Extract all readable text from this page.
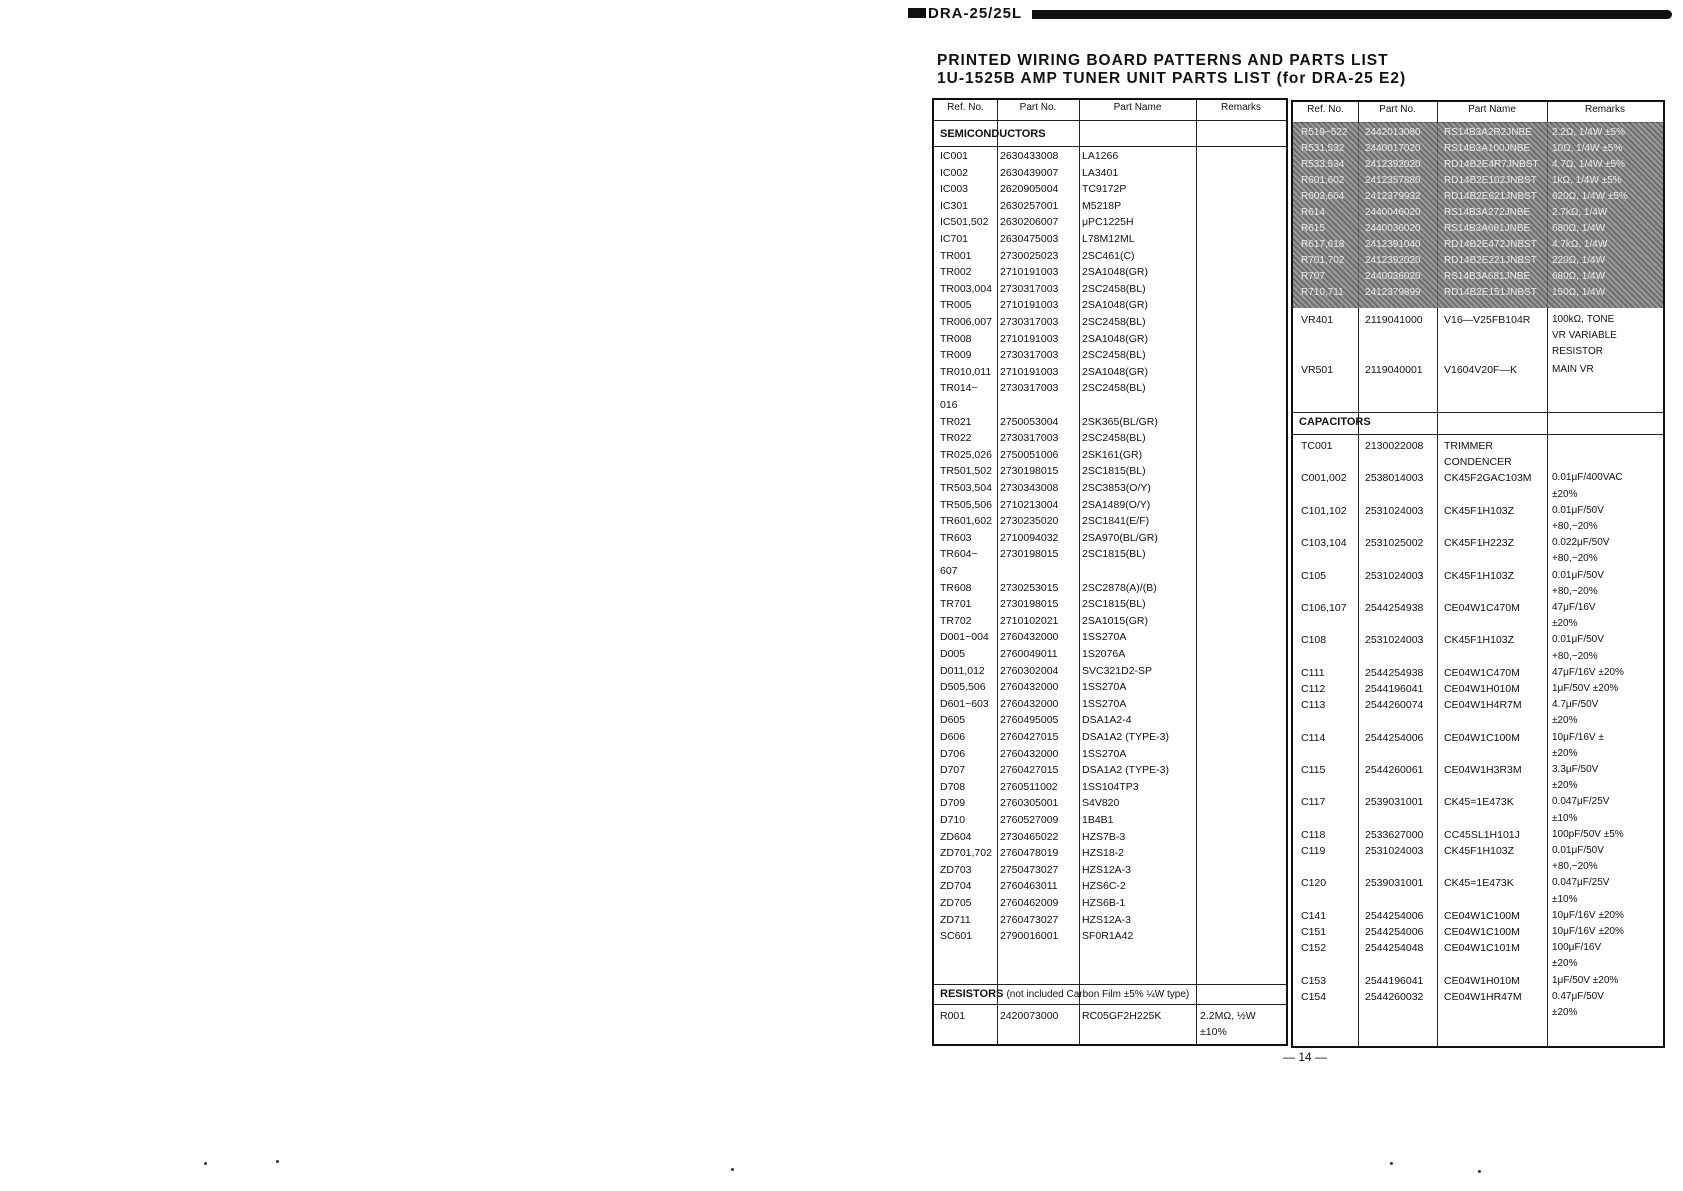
DRA-25/25L
PRINTED WIRING BOARD PATTERNS AND PARTS LIST
1U-1525B AMP TUNER UNIT PARTS LIST (for DRA-25 E2)
Ref. No.	Part No.	Part Name	Remarks
SEMICONDUCTORS
IC001	2630433008 LA1266
IC002	2630439007 LA3401
IC003	2620905004 TC9172P
IC301	2630257001 M5218P
IC501,502 2630206007 μPC1225H
IC701	2630475003 L78M12ML
TR001	2730025023 2SC461(C)
TR002	2710191003 2SA1048(GR)
TR003,004 2730317003 2SC2458(BL)
TR005	2710191003 2SA1048(GR)
TR006,007 2730317003 2SC2458(BL)
TR008	2710191003 2SA1048(GR)
TR009	2730317003 2SC2458(BL)
TR010,011 2710191003 2SA1048(GR)
TR014~ 2730317003 2SC2458(BL)
016
TR021	2750053004 2SK365(BL/GR)
TR022	2730317003 2SC2458(BL)
TR025,026 2750051006 2SK161(GR)
TR501,502 2730198015 2SC1815(BL)
TR503,504 2730343008 2SC3853(O/Y)
TR505,506 2710213004 2SA1489(O/Y)
TR601,602 2730235020 2SC1841(E/F)
TR603	2710094032 2SA970(BL/GR)
TR604~ 2730198015 2SC1815(BL)
607
TR608	2730253015 2SC2878(A)/(B)
TR701	2730198015 2SC1815(BL)
TR702	2710102021 2SA1015(GR)
D001~004 2760432000 1SS270A
D005	2760049011 1S2076A
D011,012 2760302004 SVC321D2-SP
D505,506 2760432000 1SS270A
D601~603 2760432000 1SS270A
D605	2760495005 DSA1A2-4
D606	2760427015 DSA1A2 (TYPE-3)
D706	2760432000 1SS270A
D707	2760427015 DSA1A2 (TYPE-3)
D708	2760511002 1SS104TP3
D709	2760305001 S4V820
D710	2760527009 1B4B1
ZD604	2730465022 HZS7B-3
ZD701,702 2760478019 HZS18-2
ZD703	2750473027 HZS12A-3
ZD704	2760463011 HZS6C-2
ZD705	2760462009 HZS6B-1
ZD711	2760473027 HZS12A-3
SC601	2790016001 SF0R1A42
RESISTORS (not included Carbon Film ±5% ¼W type)
R001	2420073000 RC05GF2H225K	2.2MΩ, ½W
±10%
Ref. No.	Part No.	Part Name	Remarks
R519~522 2442013080 RS14B3A2R2JNBE 2.2Ω, 1/4W ±5%
R531,532 2440017020 RS14B3A100JNBE 10Ω, 1/4W ±5%
R533,534 2412392020 RD14B2E4R7JNBST 4.7Ω, 1/4W ±5%
R601,602 2412357880 RD14B2E102JNBST 1kΩ, 1/4W ±5%
R603,604 2412379932 RD14B2E621JNBST 620Ω, 1/4W ±5%
R614	2440046020 RS14B3A272JNBE 2.7kΩ, 1/4W
R615	2440036020 RS14B3A681JNBE 680Ω, 1/4W
R617,618 2412391040 RD14B2E472JNBST 4.7kΩ, 1/4W
R701,702 2412392020 RD14B2E221JNBST 220Ω, 1/4W
R707	2440036020 RS14B3A681JNBE 680Ω, 1/4W
R710,711 2412379899 RD14B2E151JNBST 150Ω, 1/4W
VR401	2119041000 V16—V25FB104R 100kΩ, TONE
VR VARIABLE
RESISTOR
VR501	2119040001 V1604V20F—K	MAIN VR
CAPACITORS
TC001	2130022008 TRIMMER
CONDENCER
C001,002 2538014003 CK45F2GAC103M 0.01μF/400VAC
±20%
C101,102 2531024003 CK45F1H103Z	0.01μF/50V
+80,−20%
C103,104 2531025002 CK45F1H223Z	0.022μF/50V
+80,−20%
C105	2531024003 CK45F1H103Z	0.01μF/50V
+80,−20%
C106,107 2544254938 CE04W1C470M	47μF/16V
±20%
C108	2531024003 CK45F1H103Z	0.01μF/50V
+80,−20%
C111	2544254938 CE04W1C470M	47μF/16V ±20%
C112	2544196041 CE04W1H010M	1μF/50V ±20%
C113	2544260074 CE04W1H4R7M	4.7μF/50V
±20%
C114	2544254006 CE04W1C100M	10μF/16V ±
±20%
C115	2544260061 CE04W1H3R3M	3.3μF/50V
±20%
C117	2539031001 CK45=1E473K	0.047μF/25V
±10%
C118	2533627000 CC45SL1H101J	100pF/50V ±5%
C119	2531024003 CK45F1H103Z	0.01μF/50V
+80,−20%
C120	2539031001 CK45=1E473K	0.047μF/25V
±10%
C141	2544254006 CE04W1C100M	10μF/16V ±20%
C151	2544254006 CE04W1C100M	10μF/16V ±20%
C152	2544254048 CE04W1C101M	100μF/16V
±20%
C153	2544196041 CE04W1H010M	1μF/50V ±20%
C154	2544260032 CE04W1HR47M	0.47μF/50V
±20%
— 14 —
